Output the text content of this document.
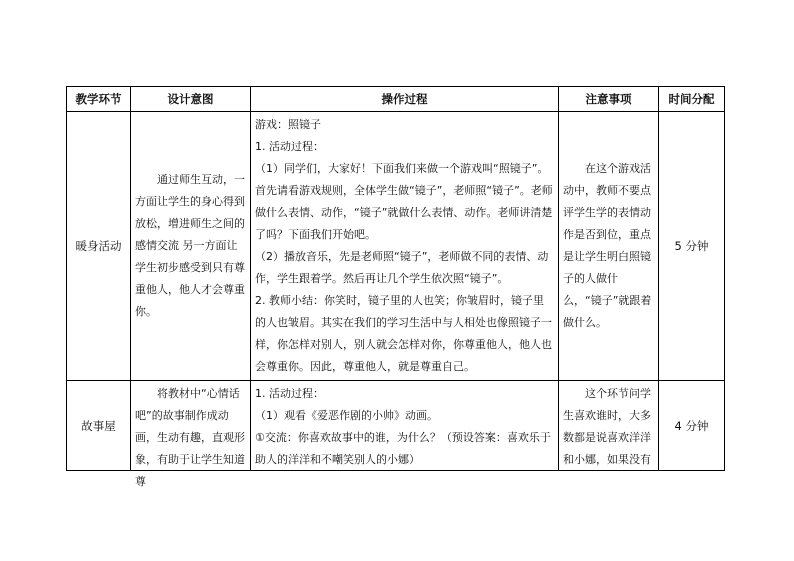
教学环节	设计意图	操作过程	注意事项	时间分配
暖身活动	通过师生互动，一方面让学生的身心得到放松，增进师生之间的感情交流 另一方面让学生初步感受到只有尊重他人，他人才会尊重你。	游戏：照镜子

1. 活动过程：

（1）同学们，大家好！下面我们来做一个游戏叫“照镜子”。首先请看游戏规则，全体学生做“镜子”，老师照“镜子”。老师做什么表情、动作，“镜子”就做什么表情、动作。老师讲清楚了吗？下面我们开始吧。

（2）播放音乐，先是老师照“镜子”，老师做不同的表情、动作，学生跟着学。然后再让几个学生依次照“镜子”。

2. 教师小结：你笑时，镜子里的人也笑；你皱眉时，镜子里的人也皱眉。其实在我们的学习生活中与人相处也像照镜子一样，你怎样对别人，别人就会怎样对你，你尊重他人，他人也会尊重你。因此，尊重他人，就是尊重自己。	在这个游戏活动中，教师不要点评学生学的表情动作是否到位，重点是让学生明白照镜子的人做什么，“镜子”就跟着做什么。	5 分钟
故事屋	将教材中“心情话吧”的故事制作成动画，生动有趣，直观形象，有助于让学生知道尊	1. 活动过程：

（1）观看《爱恶作剧的小帅》动画。

①交流：你喜欢故事中的谁，为什么？（预设答案：喜欢乐于助人的洋洋和不嘲笑别人的小娜）	这个环节问学生喜欢谁时，大多数都是说喜欢洋洋和小娜，如果没有	4 分钟
